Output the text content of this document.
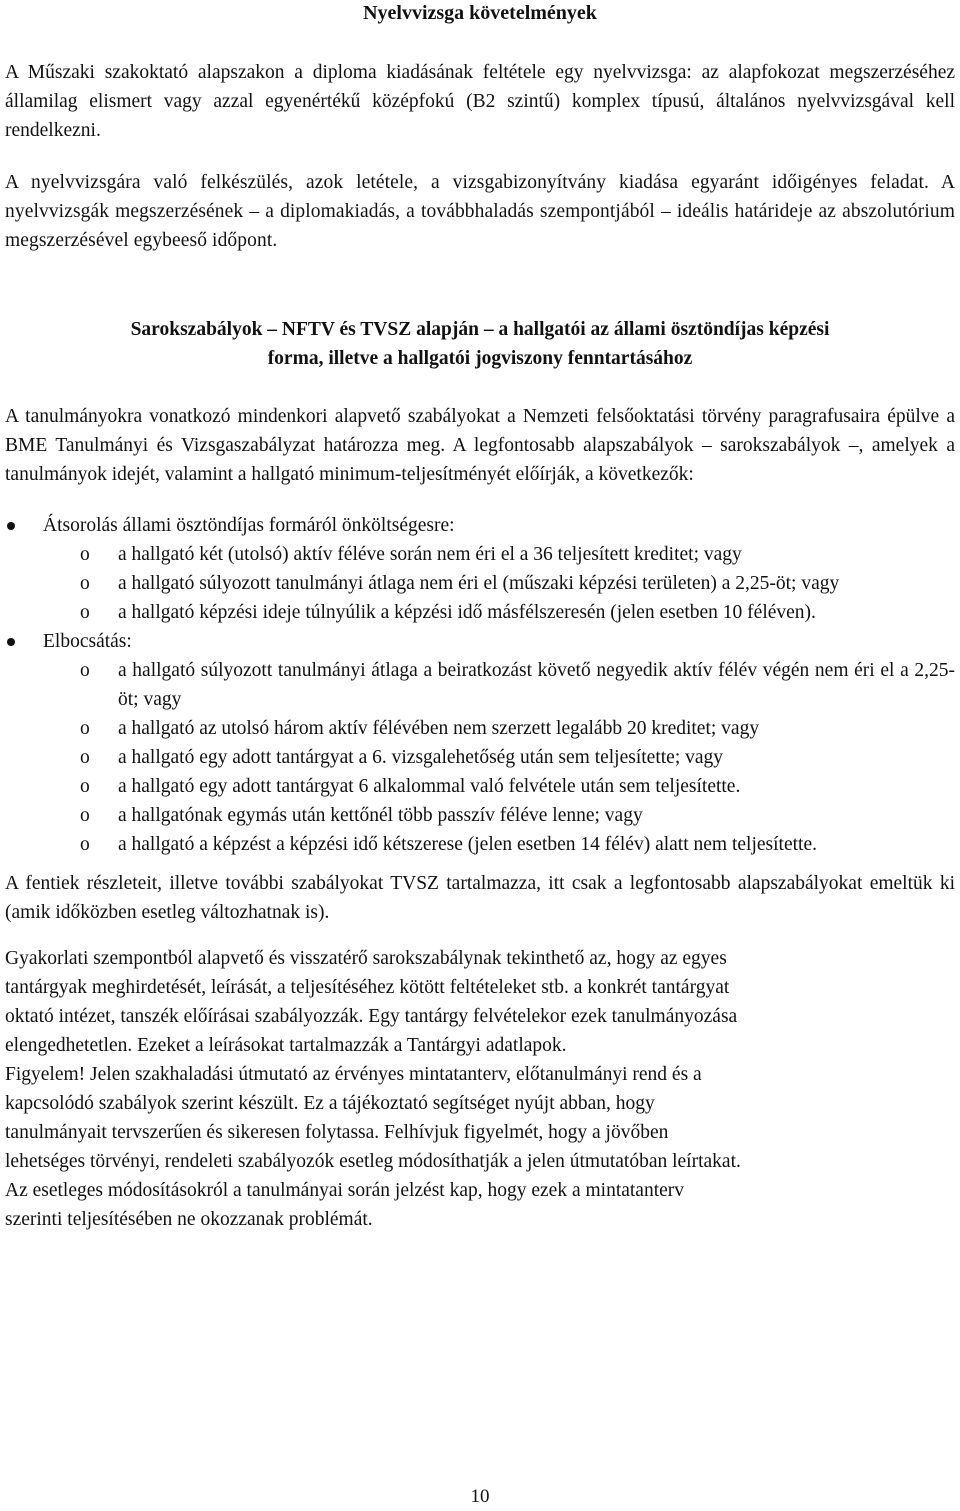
Nyelvvizsga követelmények

A Műszaki szakoktató alapszakon a diploma kiadásának feltétele egy nyelvvizsga: az alapfokozat megszerzéséhez államilag elismert vagy azzal egyenértékű középfokú (B2 szintű) komplex típusú, általános nyelvvizsgával kell rendelkezni.

A nyelvvizsgára való felkészülés, azok letétele, a vizsgabizonyítvány kiadása egyaránt időigényes feladat. A nyelvvizsgák megszerzésének – a diplomakiadás, a továbbhaladás szempontjából – ideális határideje az abszolutórium megszerzésével egybeeső időpont.

Sarokszabályok – NFTV és TVSZ alapján – a hallgatói az állami ösztöndíjas képzési
forma, illetve a hallgatói jogviszony fenntartásához

A tanulmányokra vonatkozó mindenkori alapvető szabályokat a Nemzeti felsőoktatási törvény paragrafusaira épülve a BME Tanulmányi és Vizsgaszabályzat határozza meg. A legfontosabb alapszabályok – sarokszabályok –, amelyek a tanulmányok idejét, valamint a hallgató minimum-teljesítményét előírják, a következők:

Átsorolás állami ösztöndíjas formáról önköltségesre:
o a hallgató két (utolsó) aktív féléve során nem éri el a 36 teljesített kreditet; vagy
o a hallgató súlyozott tanulmányi átlaga nem éri el (műszaki képzési területen) a 2,25-öt; vagy
o a hallgató képzési ideje túlnyúlik a képzési idő másfélszeresén (jelen esetben 10 féléven).
Elbocsátás:
o a hallgató súlyozott tanulmányi átlaga a beiratkozást követő negyedik aktív félév végén nem éri el a 2,25-öt; vagy
o a hallgató az utolsó három aktív félévében nem szerzett legalább 20 kreditet; vagy
o a hallgató egy adott tantárgyat a 6. vizsgalehetőség után sem teljesítette; vagy
o a hallgató egy adott tantárgyat 6 alkalommal való felvétele után sem teljesítette.
o a hallgatónak egymás után kettőnél több passzív féléve lenne; vagy
o a hallgató a képzést a képzési idő kétszerese (jelen esetben 14 félév) alatt nem teljesítette.

A fentiek részleteit, illetve további szabályokat TVSZ tartalmazza, itt csak a legfontosabb alapszabályokat emeltük ki (amik időközben esetleg változhatnak is).

Gyakorlati szempontból alapvető és visszatérő sarokszabálynak tekinthető az, hogy az egyes
tantárgyak meghirdetését, leírását, a teljesítéséhez kötött feltételeket stb. a konkrét tantárgyat
oktató intézet, tanszék előírásai szabályozzák. Egy tantárgy felvételekor ezek tanulmányozása
elengedhetetlen. Ezeket a leírásokat tartalmazzák a Tantárgyi adatlapok.
Figyelem! Jelen szakhaladási útmutató az érvényes mintatanterv, előtanulmányi rend és a
kapcsolódó szabályok szerint készült. Ez a tájékoztató segítséget nyújt abban, hogy
tanulmányait tervszerűen és sikeresen folytassa. Felhívjuk figyelmét, hogy a jövőben
lehetséges törvényi, rendeleti szabályozók esetleg módosíthatják a jelen útmutatóban leírtakat.
Az esetleges módosításokról a tanulmányai során jelzést kap, hogy ezek a mintatanterv
szerinti teljesítésében ne okozzanak problémát.
10
